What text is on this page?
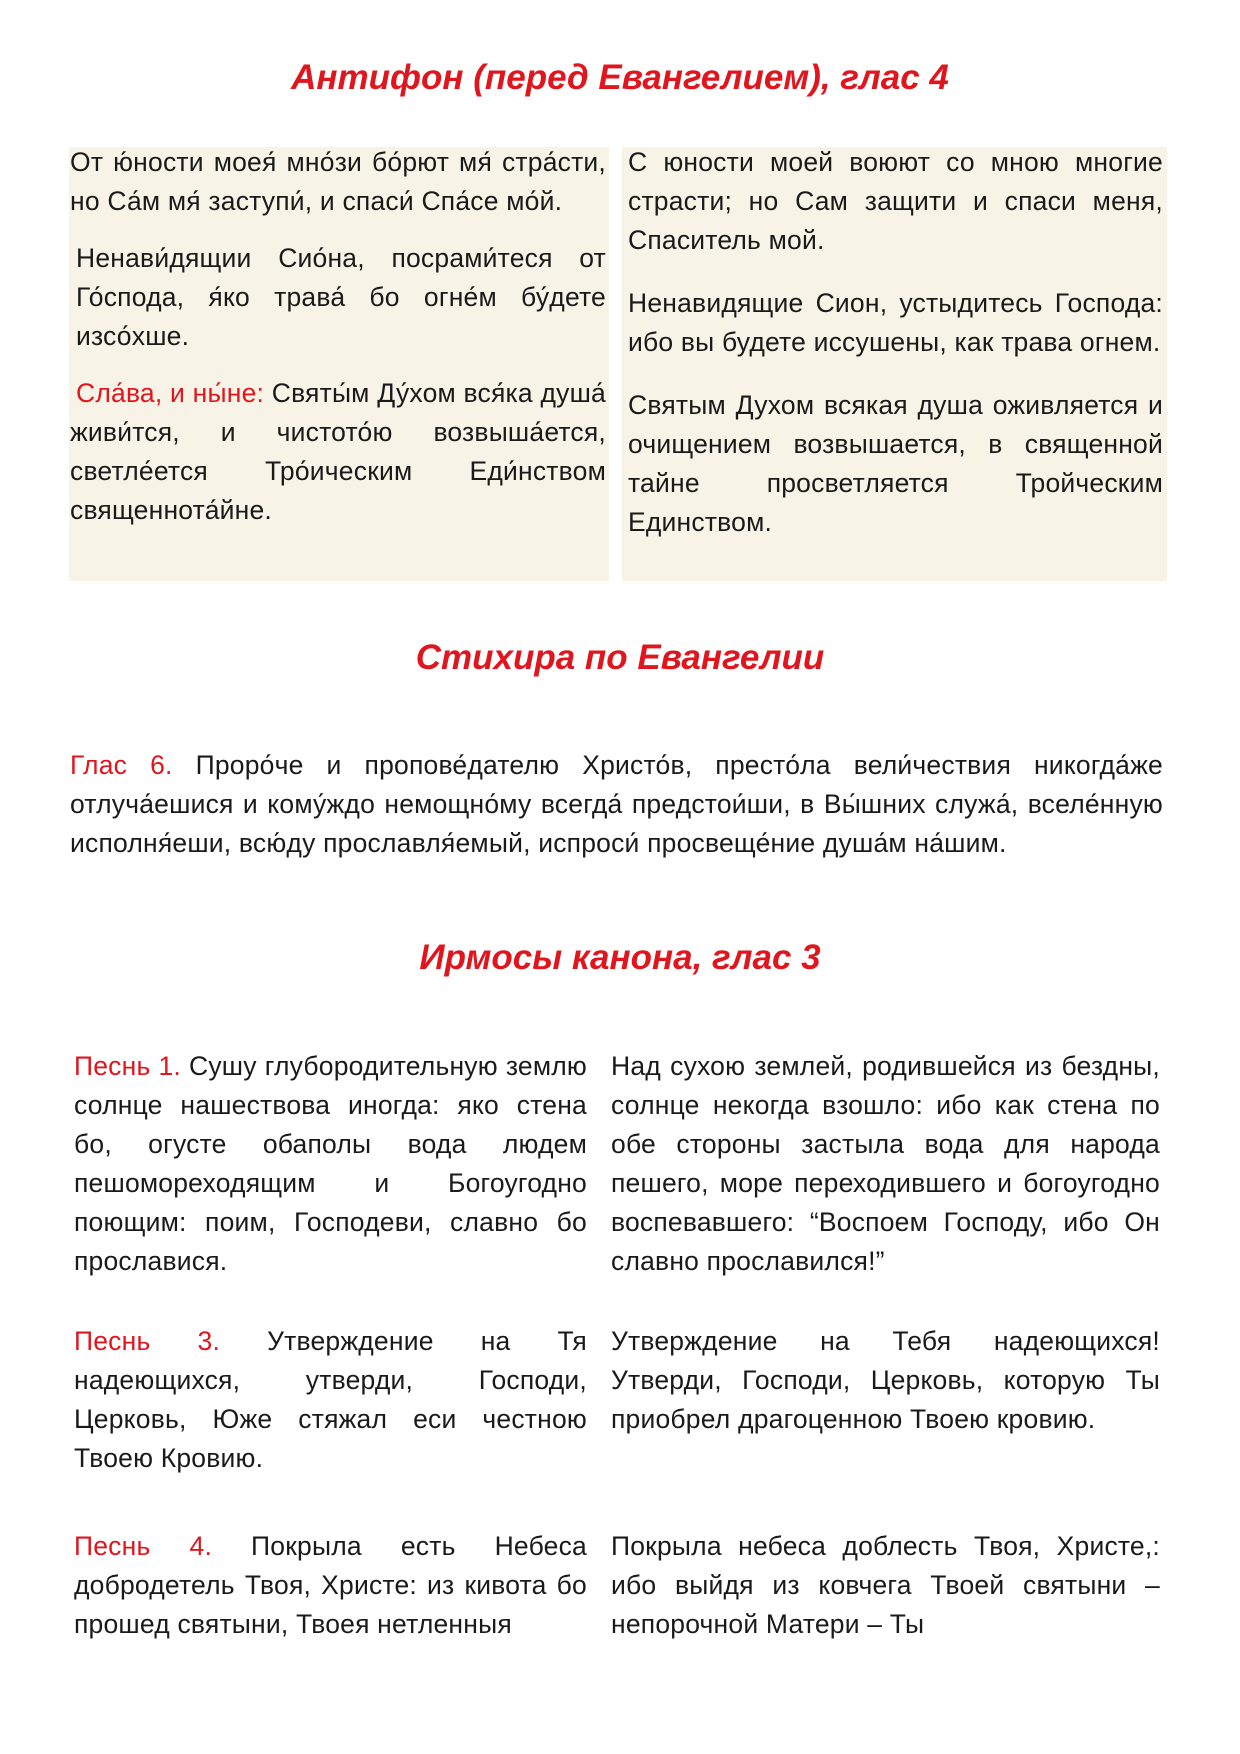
Антифон (перед Евангелием), глас 4

От ю́ности моея́ мно́зи бо́рют мя́ стра́сти, но Са́м мя́ заступи́, и спаси́ Спа́се мо́й.

Ненави́дящии Сио́на, посрами́теся от Го́спода, я́ко трава́ бо огне́м бу́дете изсо́хше.

Сла́ва, и ны́не: Святы́м Ду́хом вся́ка душа́ живи́тся, и чистото́ю возвыша́ется, светле́ется Тро́ическим Еди́нством священнота́йне.

С юности моей воюют со мною многие страсти; но Сам защити и спаси меня, Спаситель мой.

Ненавидящие Сион, устыдитесь Господа: ибо вы будете иссушены, как трава огнем.

Святым Духом всякая душа оживляется и очищением возвышается, в священной тайне просветляется Тройческим Единством.

Стихира по Евангелии

Глас 6. Проро́че и пропове́дателю Христо́в, престо́ла вели́чествия никогда́же отлуча́ешися и кому́ждо немощно́му всегда́ предстои́ши, в Вы́шних служа́, вселе́нную исполня́еши, всю́ду прославля́емый, испроси́ просвеще́ние душа́м на́шим.

Ирмосы канона, глас 3

Песнь 1. Сушу глубородительную землю солнце нашествова иногда: яко стена бо, огусте обаполы вода людем пешомореходящим и Богоугодно поющим: поим, Господеви, славно бо прославися.

Над сухою землей, родившейся из бездны, солнце некогда взошло: ибо как стена по обе стороны застыла вода для народа пешего, море переходившего и богоугодно воспевавшего: “Воспоем Господу, ибо Он славно прославился!”

Песнь 3. Утверждение на Тя надеющихся, утверди, Господи, Церковь, Юже стяжал еси честною Твоею Кровию.

Утверждение на Тебя надеющихся! Утверди, Господи, Церковь, которую Ты приобрел драгоценною Твоею кровию.

Песнь 4. Покрыла есть Небеса добродетель Твоя, Христе: из кивота бо прошед святыни, Твоея нетленныя

Покрыла небеса доблесть Твоя, Христе,: ибо выйдя из ковчега Твоей святыни – непорочной Матери – Ты
